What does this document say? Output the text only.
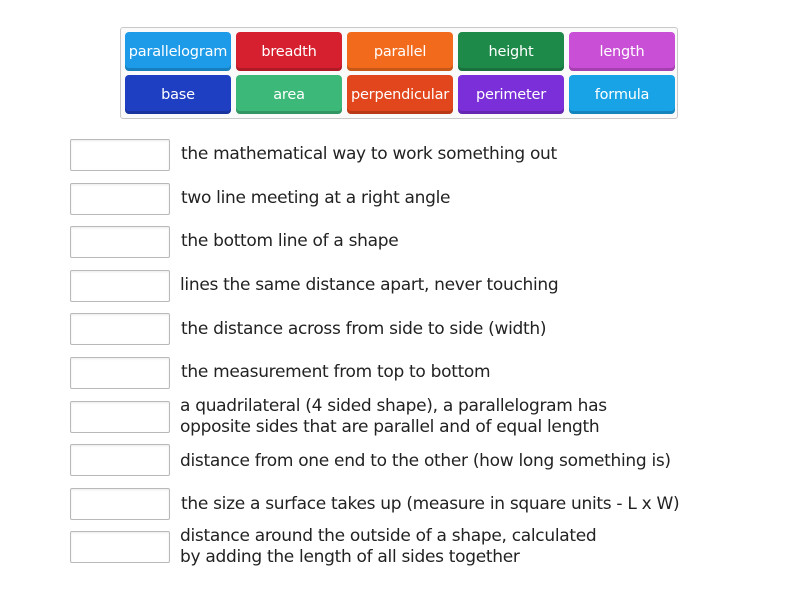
parallelogram	breadth	parallel	height	length
base	area	perpendicular	perimeter	formula
the mathematical way to work something out
two line meeting at a right angle
the bottom line of a shape
lines the same distance apart, never touching
the distance across from side to side (width)
the measurement from top to bottom
a quadrilateral (4 sided shape), a parallelogram has
opposite sides that are parallel and of equal length
distance from one end to the other (how long something is)
the size a surface takes up (measure in square units - L x W)
distance around the outside of a shape, calculated
by adding the length of all sides together
